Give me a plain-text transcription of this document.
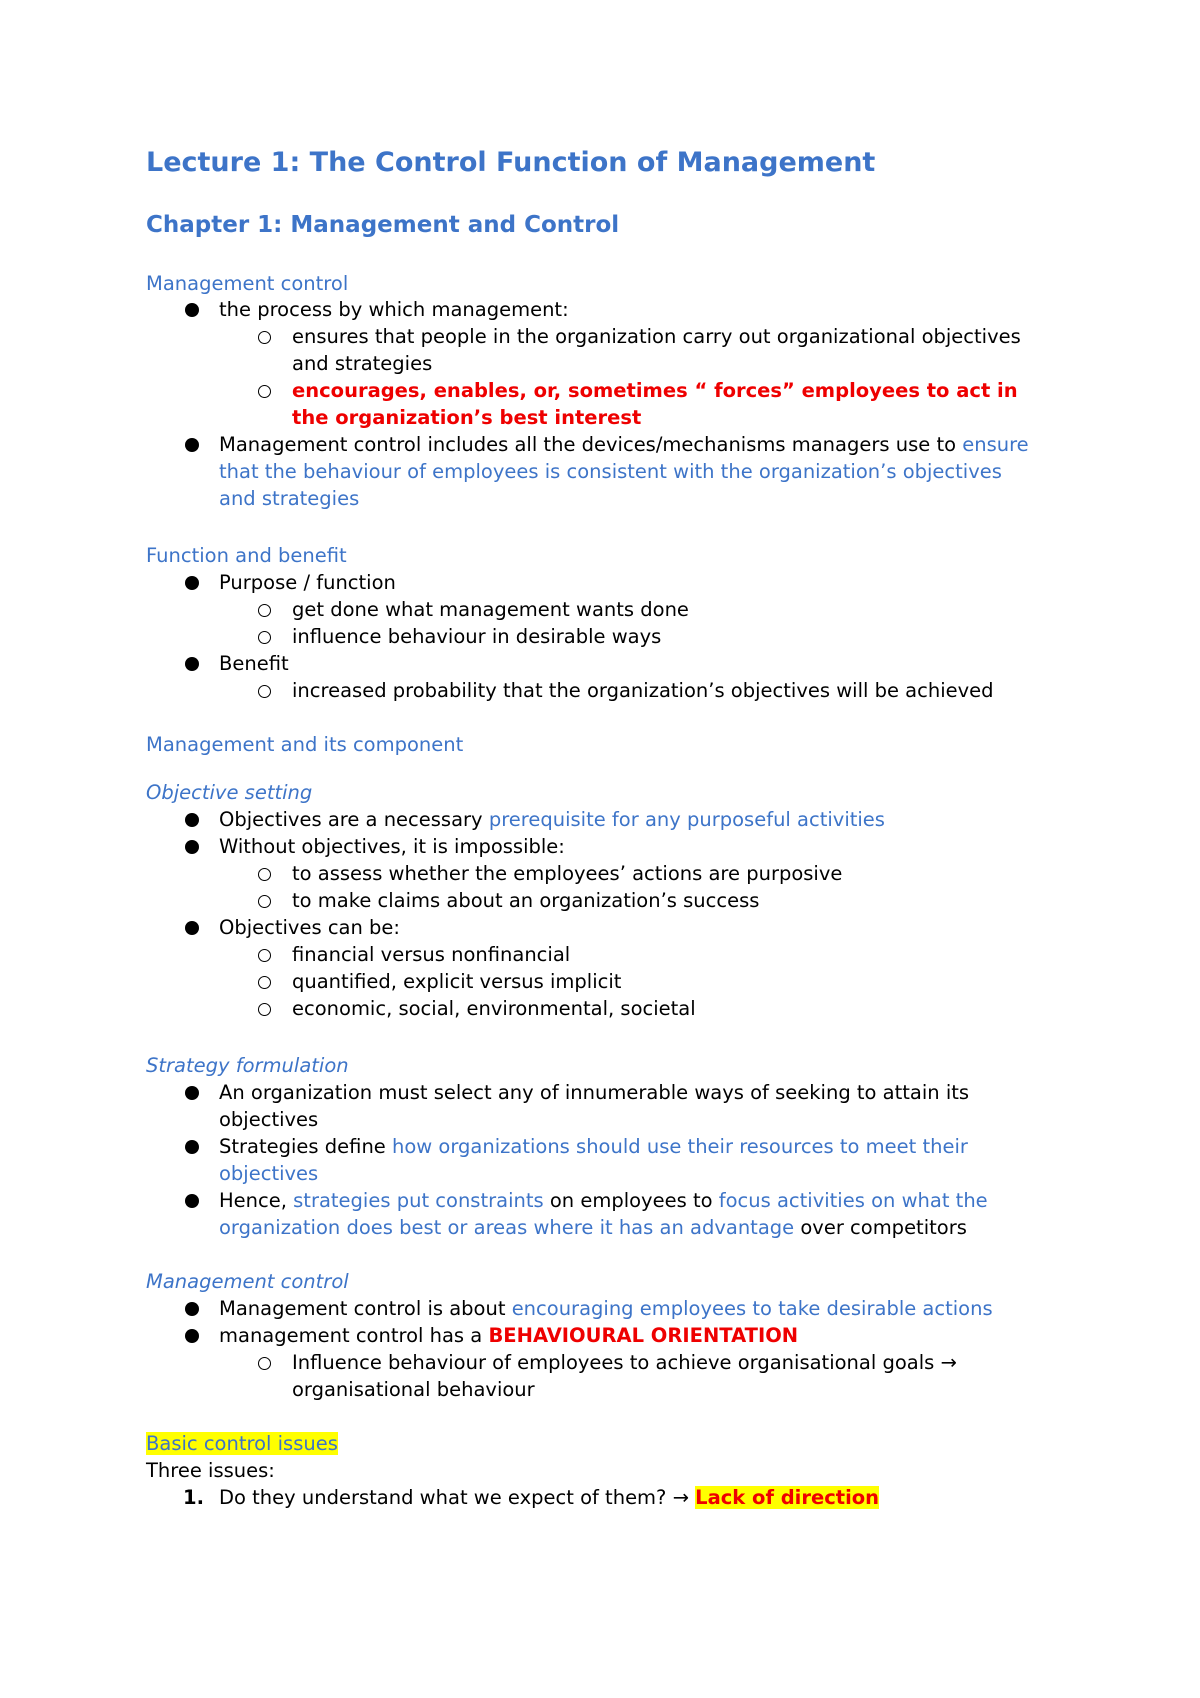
Lecture 1: The Control Function of Management
Chapter 1: Management and Control
Management control
the process by which management:
ensures that people in the organization carry out organizational objectives
and strategies
encourages, enables, or, sometimes “ forces” employees to act in
the organization’s best interest
Management control includes all the devices/mechanisms managers use to ensure
that the behaviour of employees is consistent with the organization’s objectives
and strategies
Function and benefit
Purpose / function
get done what management wants done
influence behaviour in desirable ways
Benefit
increased probability that the organization’s objectives will be achieved
Management and its component
Objective setting
Objectives are a necessary prerequisite for any purposeful activities
Without objectives, it is impossible:
to assess whether the employees’ actions are purposive
to make claims about an organization’s success
Objectives can be:
financial versus nonfinancial
quantified, explicit versus implicit
economic, social, environmental, societal
Strategy formulation
An organization must select any of innumerable ways of seeking to attain its
objectives
Strategies define how organizations should use their resources to meet their
objectives
Hence, strategies put constraints on employees to focus activities on what the
organization does best or areas where it has an advantage over competitors
Management control
Management control is about encouraging employees to take desirable actions
management control has a BEHAVIOURAL ORIENTATION
Influence behaviour of employees to achieve organisational goals →
organisational behaviour
Basic control issues
Three issues:
1. Do they understand what we expect of them? → Lack of direction
